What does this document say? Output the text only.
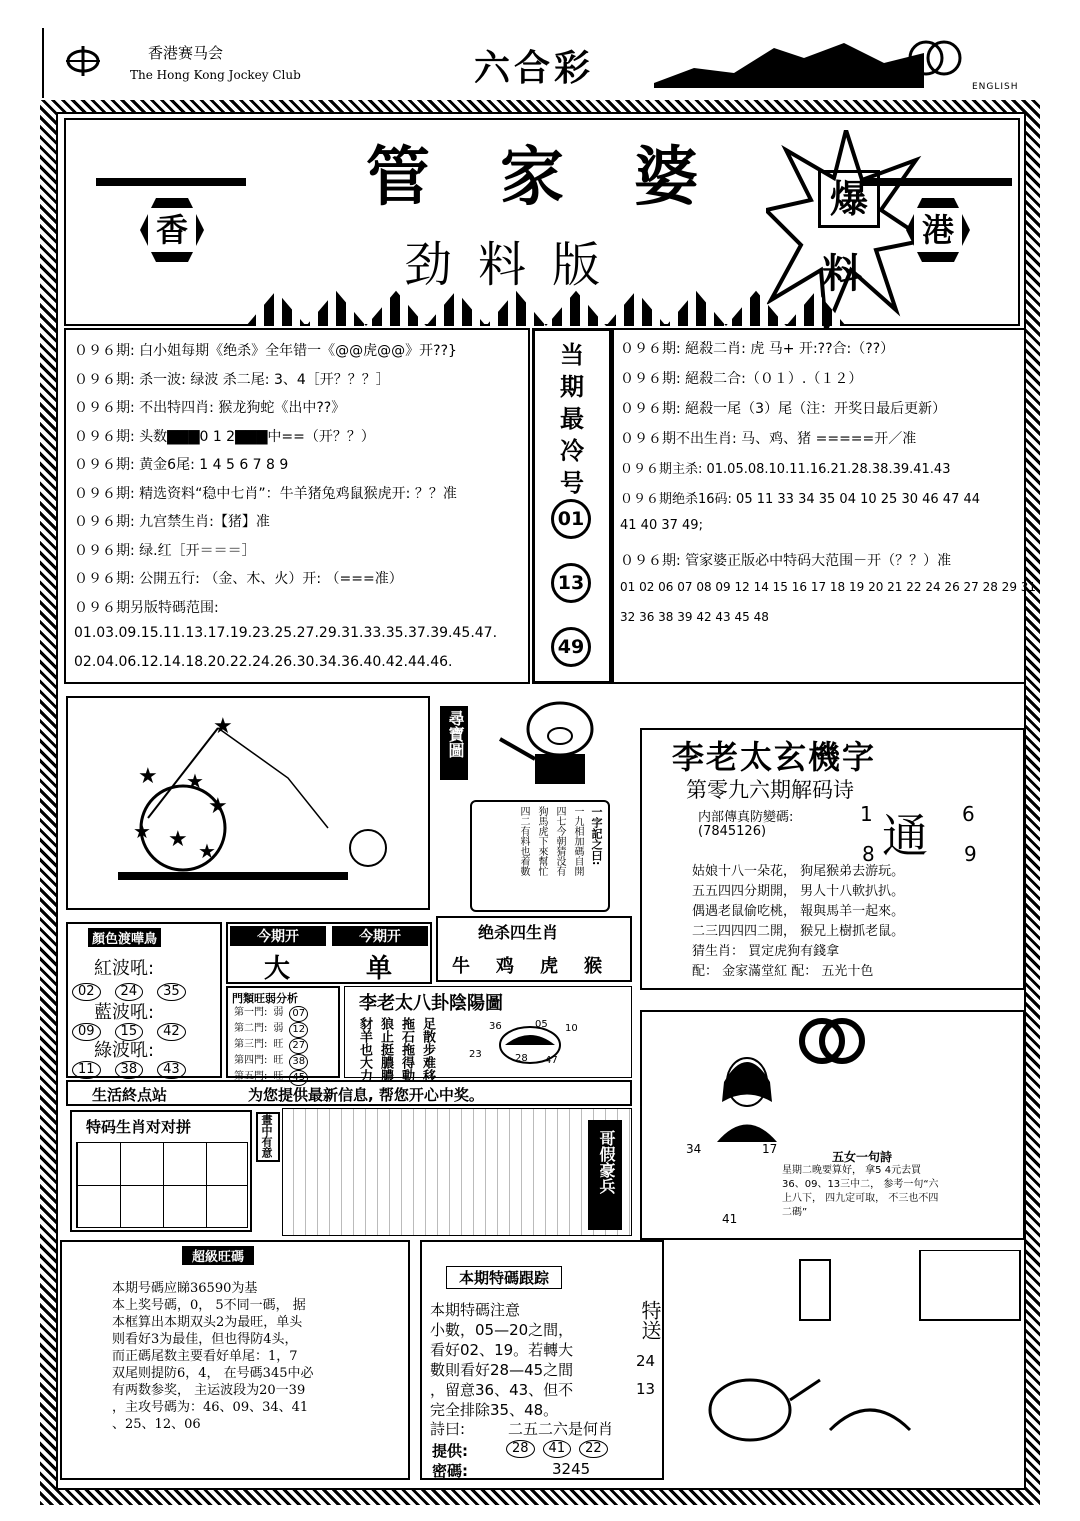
香港赛马会
The Hong Kong Jockey Club	六合彩	ENGLISH
香
管家婆
劲料版
爆
料
港
０９６期: 白小姐每期《绝杀》全年错一《@@虎@@》开??}
０９６期: 杀一波: 绿波 杀二尾: 3、4［开？？？］
０９６期: 不出特四肖: 猴龙狗蛇《出中??》
０９６期: 头数▇▇▇0 1 2▇▇▇中==（开？？）
０９６期: 黄金6尾: 1 4 5 6 7 8 9
０９６期: 精选资料“稳中七肖”：牛羊猪兔鸡鼠猴虎开: ？？准
０９６期: 九宫禁生肖:【猪】准
０９６期: 绿.红［开＝＝＝］
０９６期: 公開五行: （金、木、火）开: （===准）
０９６期另版特碼范围:
01.03.09.15.11.13.17.19.23.25.27.29.31.33.35.37.39.45.47.
02.04.06.12.14.18.20.22.24.26.30.34.36.40.42.44.46.
当
期
最
冷
号
01
13
49
０９６期: 絕殺二肖: 虎 马+ 开:??合:（??）
０９６期: 絕殺二合:（０１）.（１２）
０９６期: 絕殺一尾（3）尾（注：开奖日最后更新）
０９６期不出生肖: 马、鸡、猪 =====开／准
０９６期主杀: 01.05.08.10.11.16.21.28.38.39.41.43
０９６期绝杀16码: 05 11 33 34 35 04 10 25 30 46 47 44
41 40 37 49;
０９６期: 管家婆正版必中特码大范围－开（？？）准
01 02 06 07 08 09 12 14 15 16 17 18 19 20 21 22 24 26 27 28 29 31
32 36 38 39 42 43 45 48
★
★
★
★ ★
★
★
尋寶圖
一字記之曰:
一九相加碼自開
四七今朝猜没有
狗馬虎下來幫忙
四二有料也着數
李老太玄機字
第零九六期解码诗
内部傳真防變碼:
(7845126)
1	6
8	9
通
姑娘十八一朵花， 狗尾猴弟去游玩。
五五四四分期開， 男人十八軟扒扒。
偶遇老鼠偷吃桃， 報與馬羊一起來。
二三四四四二開， 猴兄上樹抓老鼠。
猜生肖： 買定虎狗有錢拿
配： 金家滿堂紅 配： 五光十色
顏色渡嘩鳥
紅波吼:
02 24 35
藍波吼:
09 15 42
綠波吼:
11 38 43
今期开	今期开
大	单
绝杀四生肖
牛 鸡 虎 猴
門類旺弱分析
第一門: 弱 07
第二門: 弱 12
第三門: 旺 27
第四門: 旺 38
第五門: 旺 45
李老太八卦陰陽圖
豺羊也大力 狼止挺膿膿 拖石拖得動 足散步难移	36	05 10
23	28 47
34	17
41
五女一句詩
星期二晚要算好， 拿5 4元去買
36、09、13三中二， 参考一句“六
上八下， 四九定可取， 不三也不四
二碼”
生活終点站	为您提供最新信息, 帮您开心中奖。
特码生肖对对拼	畫中有意	哥假豪兵
超級旺碼
本期号碼应睇36590为基
本上奖号碼，0， 5不同一碼， 据
本框算出本期双头2为最旺，单头
则看好3为最佳，但也得防4头，
而正碼尾数主要看好单尾：1，7
双尾则提防6，4， 在号碼345中必
有两数参奖， 主运波段为20一39
，主攻号碼为：46、09、34、41
、25、12、06
本期特碼跟踪
本期特碼注意
小數，05—20之間，
看好02、19。若轉大
數則看好28—45之間
，留意36、43、但不
完全排除35、48。
特送
24
13
詩曰:	二五二六是何肖
提供:	28	41	22
密碼:	3245
